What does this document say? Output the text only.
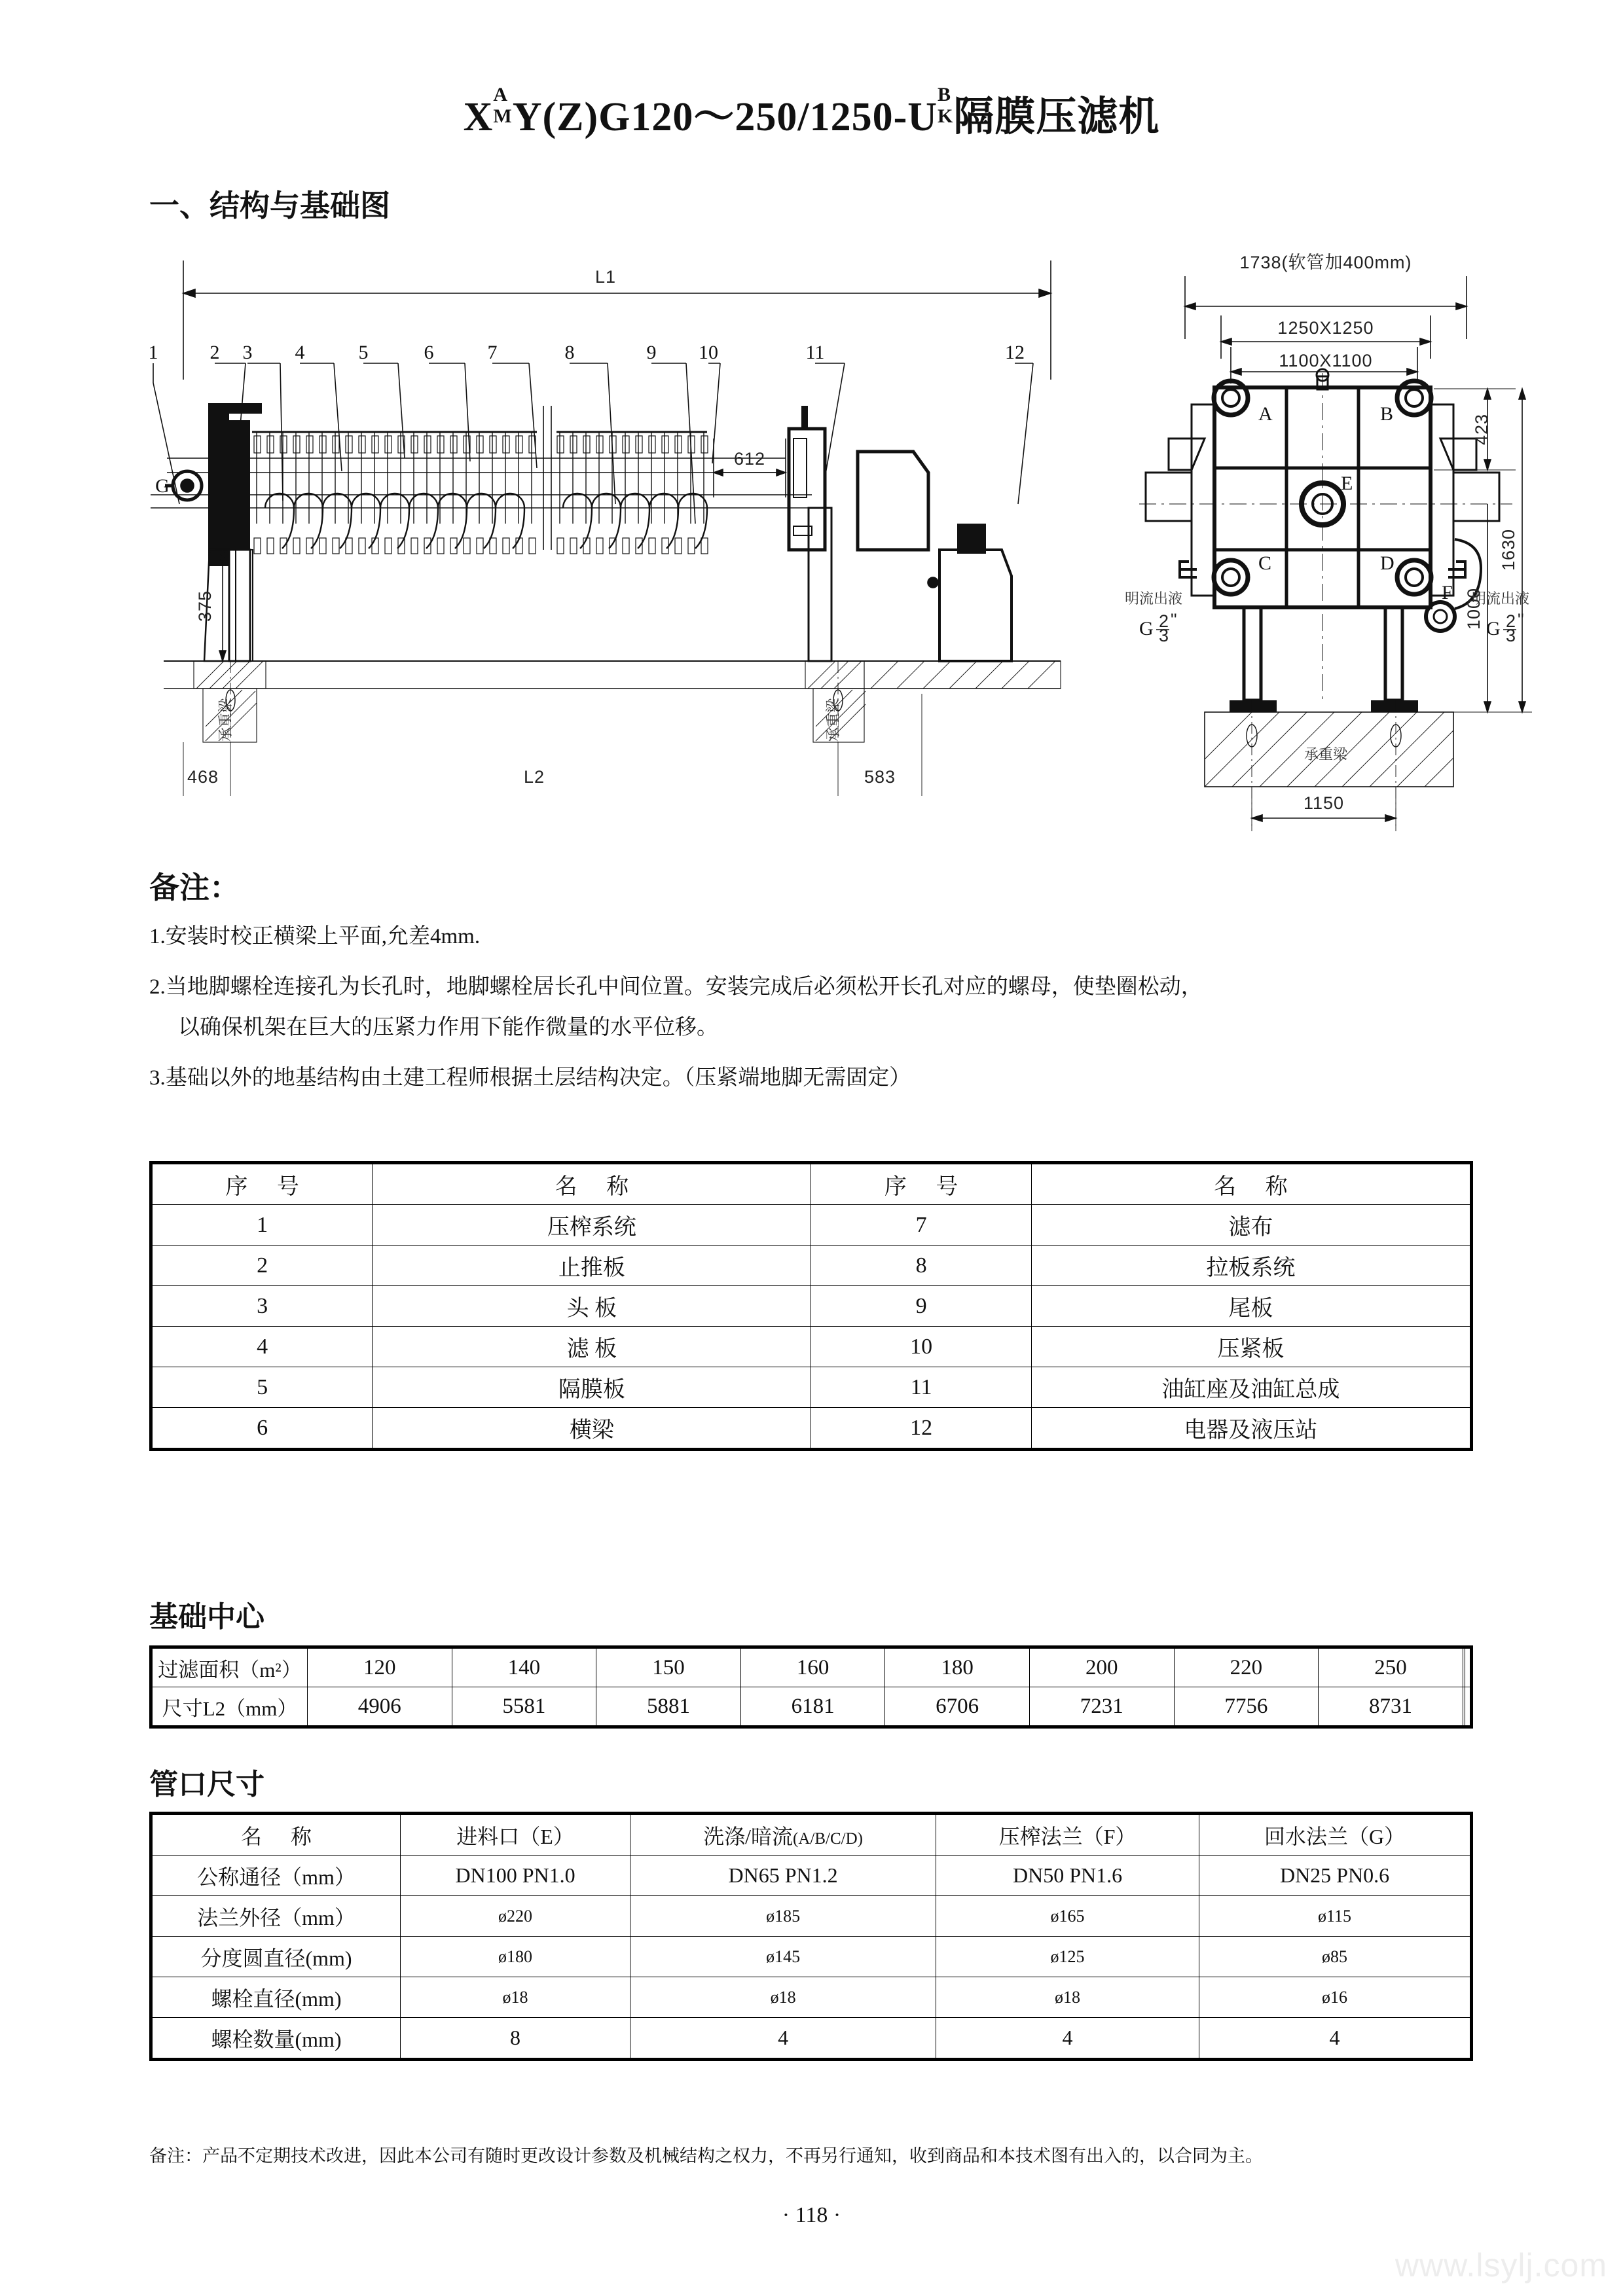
X
A
M Y(Z)G120～250/1250-U
B
K 隔膜压滤机
一、结构与基础图
L1
1	2 3 4	5	6	7	8	9 10	11	12
612
375
G
承重梁	承重梁
468	L2	583
1738(软管加400mm)
1250X1250
1100X1100
A	B
E
C	D
F
423
1000
1630
1150
承重梁
明流出液
G 2
3
"
明流出液
G 2
3
"
备注：

1.安装时校正横梁上平面,允差4mm.

2.当地脚螺栓连接孔为长孔时，地脚螺栓居长孔中间位置。安装完成后必须松开长孔对应的螺母，使垫圈松动，

以确保机架在巨大的压紧力作用下能作微量的水平位移。

3.基础以外的地基结构由土建工程师根据土层结构决定。（压紧端地脚无需固定）

序 号	名 称	序 号	名 称
1	压榨系统	7	滤布
2	止推板	8	拉板系统
3	头 板	9	尾板
4	滤 板	10	压紧板
5	隔膜板	11	油缸座及油缸总成
6	横梁	12	电器及液压站
基础中心
过滤面积（m²）	120	140	150	160	180	200	220	250		
尺寸L2（mm）	4906	5581	5881	6181	6706	7231	7756	8731		
管口尺寸
名 称	进料口（E）	洗涤/暗流(A/B/C/D)	压榨法兰（F）	回水法兰（G）
公称通径（mm）	DN100 PN1.0	DN65 PN1.2	DN50 PN1.6	DN25 PN0.6
法兰外径（mm）	ø220	ø185	ø165	ø115
分度圆直径(mm)	ø180	ø145	ø125	ø85
螺栓直径(mm)	ø18	ø18	ø18	ø16
螺栓数量(mm)	8	4	4	4
备注：产品不定期技术改进，因此本公司有随时更改设计参数及机械结构之权力，不再另行通知，收到商品和本技术图有出入的，以合同为主。
· 118 ·
www.lsylj.com
